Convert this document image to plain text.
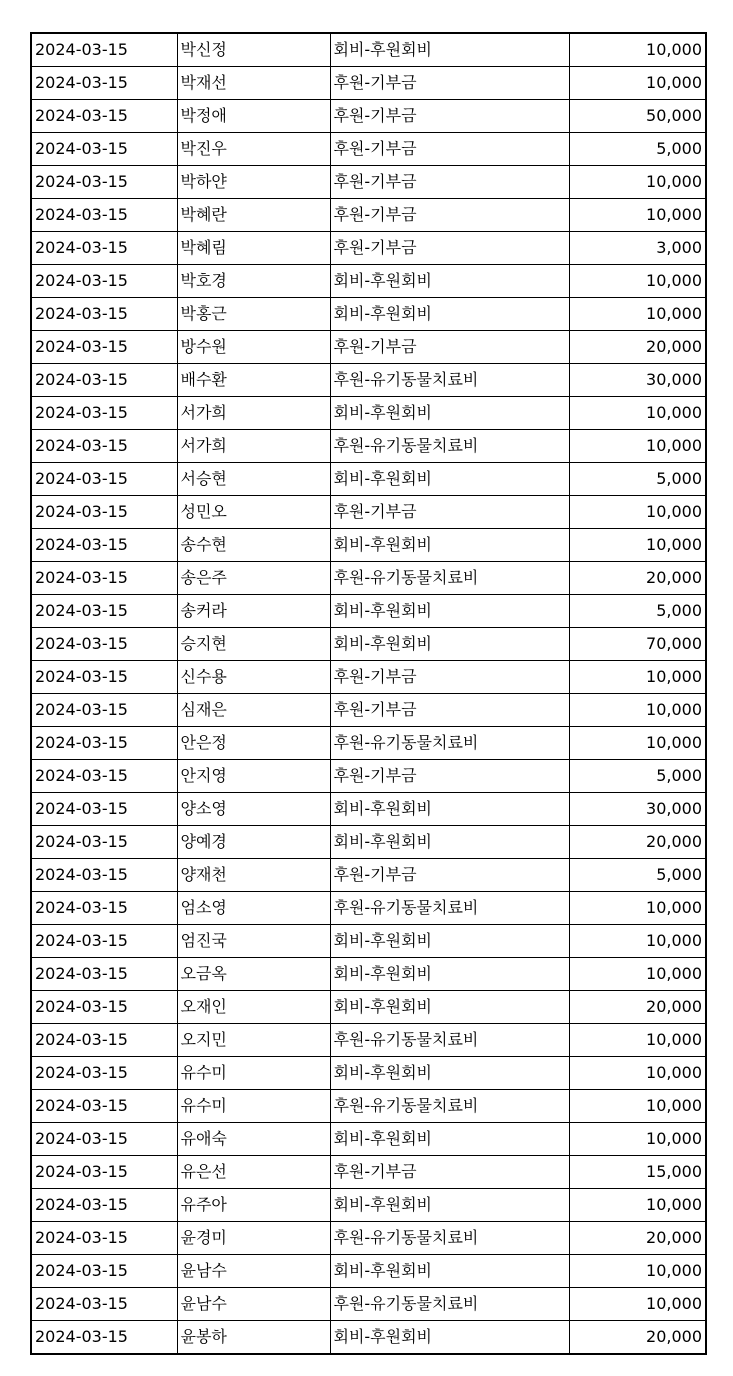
2024-03-15	박신정	회비-후원회비	10,000
2024-03-15	박재선	후원-기부금	10,000
2024-03-15	박정애	후원-기부금	50,000
2024-03-15	박진우	후원-기부금	5,000
2024-03-15	박하얀	후원-기부금	10,000
2024-03-15	박혜란	후원-기부금	10,000
2024-03-15	박혜림	후원-기부금	3,000
2024-03-15	박호경	회비-후원회비	10,000
2024-03-15	박홍근	회비-후원회비	10,000
2024-03-15	방수원	후원-기부금	20,000
2024-03-15	배수환	후원-유기동물치료비	30,000
2024-03-15	서가희	회비-후원회비	10,000
2024-03-15	서가희	후원-유기동물치료비	10,000
2024-03-15	서승현	회비-후원회비	5,000
2024-03-15	성민오	후원-기부금	10,000
2024-03-15	송수현	회비-후원회비	10,000
2024-03-15	송은주	후원-유기동물치료비	20,000
2024-03-15	송커라	회비-후원회비	5,000
2024-03-15	승지현	회비-후원회비	70,000
2024-03-15	신수용	후원-기부금	10,000
2024-03-15	심재은	후원-기부금	10,000
2024-03-15	안은정	후원-유기동물치료비	10,000
2024-03-15	안지영	후원-기부금	5,000
2024-03-15	양소영	회비-후원회비	30,000
2024-03-15	양예경	회비-후원회비	20,000
2024-03-15	양재천	후원-기부금	5,000
2024-03-15	엄소영	후원-유기동물치료비	10,000
2024-03-15	엄진국	회비-후원회비	10,000
2024-03-15	오금옥	회비-후원회비	10,000
2024-03-15	오재인	회비-후원회비	20,000
2024-03-15	오지민	후원-유기동물치료비	10,000
2024-03-15	유수미	회비-후원회비	10,000
2024-03-15	유수미	후원-유기동물치료비	10,000
2024-03-15	유애숙	회비-후원회비	10,000
2024-03-15	유은선	후원-기부금	15,000
2024-03-15	유주아	회비-후원회비	10,000
2024-03-15	윤경미	후원-유기동물치료비	20,000
2024-03-15	윤남수	회비-후원회비	10,000
2024-03-15	윤남수	후원-유기동물치료비	10,000
2024-03-15	윤봉하	회비-후원회비	20,000
